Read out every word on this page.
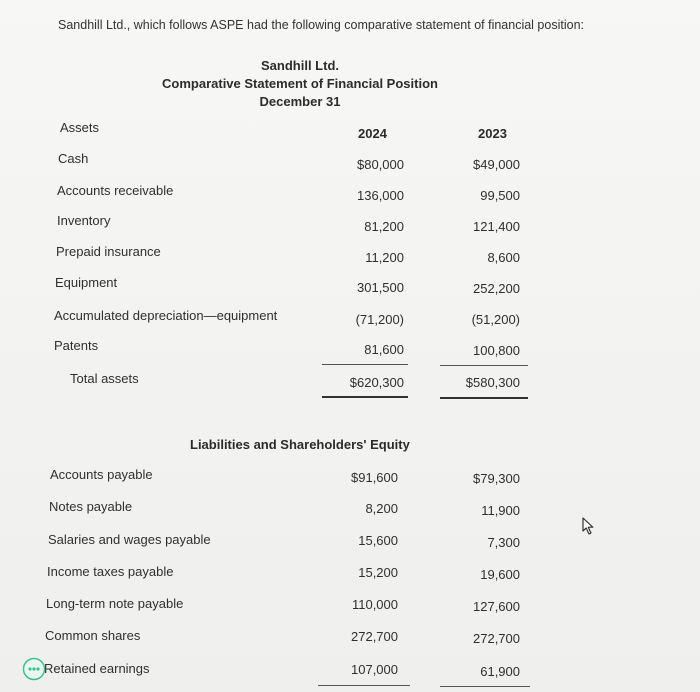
Sandhill Ltd., which follows ASPE had the following comparative statement of financial position:
Sandhill Ltd.
Comparative Statement of Financial Position
December 31
Assets	2024	2023
Cash	$80,000	$49,000
Accounts receivable	136,000	99,500
Inventory	81,200	121,400
Prepaid insurance	11,200	8,600
Equipment	301,500	252,200
Accumulated depreciation—equipment	(71,200)	(51,200)
Patents	81,600	100,800
Total assets	$620,300	$580,300
Liabilities and Shareholders' Equity
Accounts payable	$91,600	$79,300
Notes payable	8,200	11,900
Salaries and wages payable	15,600	7,300
Income taxes payable	15,200	19,600
Long-term note payable	110,000	127,600
Common shares	272,700	272,700
Retained earnings	107,000	61,900
